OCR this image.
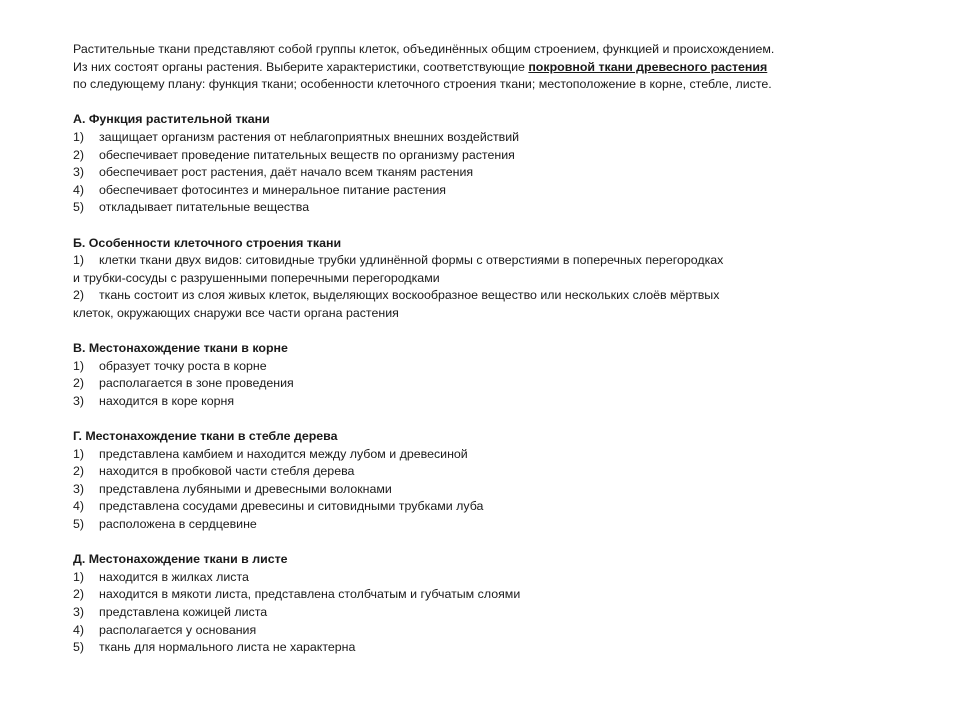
Растительные ткани представляют собой группы клеток, объединённых общим строением, функцией и происхождением.
Из них состоят органы растения. Выберите характеристики, соответствующие покровной ткани древесного растения
по следующему плану: функция ткани; особенности клеточного строения ткани; местоположение в корне, стебле, листе.
А. Функция растительной ткани
1) защищает организм растения от неблагоприятных внешних воздействий
2) обеспечивает проведение питательных веществ по организму растения
3) обеспечивает рост растения, даёт начало всем тканям растения
4) обеспечивает фотосинтез и минеральное питание растения
5) откладывает питательные вещества
Б. Особенности клеточного строения ткани
1) клетки ткани двух видов: ситовидные трубки удлинённой формы с отверстиями в поперечных перегородках
и трубки-сосуды с разрушенными поперечными перегородками
2) ткань состоит из слоя живых клеток, выделяющих воскообразное вещество или нескольких слоёв мёртвых
клеток, окружающих снаружи все части органа растения
В. Местонахождение ткани в корне
1) образует точку роста в корне
2) располагается в зоне проведения
3) находится в коре корня
Г. Местонахождение ткани в стебле дерева
1) представлена камбием и находится между лубом и древесиной
2) находится в пробковой части стебля дерева
3) представлена лубяными и древесными волокнами
4) представлена сосудами древесины и ситовидными трубками луба
5) расположена в сердцевине
Д. Местонахождение ткани в листе
1) находится в жилках листа
2) находится в мякоти листа, представлена столбчатым и губчатым слоями
3) представлена кожицей листа
4) располагается у основания
5) ткань для нормального листа не характерна
